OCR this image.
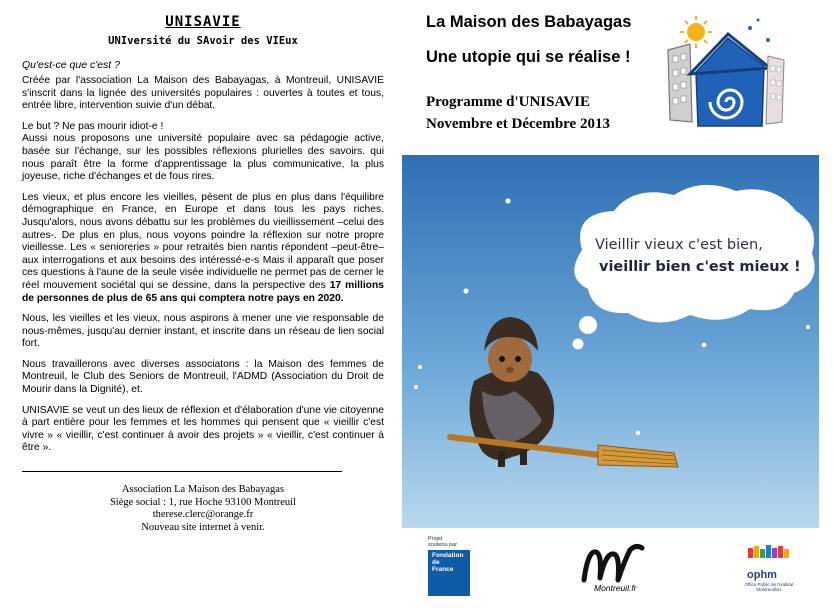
UNISAVIE
UNIversité du SAvoir des VIEux
Qu'est-ce que c'est ?

Créée par l'association La Maison des Babayagas, à Montreuil, UNISAVIE s'inscrit dans la lignée des universités populaires : ouvertes à toutes et tous, entrée libre, intervention suivie d'un débat.

Le but ? Ne pas mourir idiot-e !

Aussi nous proposons une université populaire avec sa pédagogie active, basée sur l'échange, sur les possibles réflexions plurielles des savoirs. qui nous paraît être la forme d'apprentissage la plus communicative, la plus joyeuse, riche d'échanges et de fous rires.

Les vieux, et plus encore les vieilles, pèsent de plus en plus dans l'équilibre démographique en France, en Europe et dans tous les pays riches. Jusqu'alors, nous avons débattu sur les problèmes du vieillissement –celui des autres-. De plus en plus, nous voyons poindre la réflexion sur notre propre vieillesse. Les « senioreries » pour retraités bien nantis répondent –peut-être– aux interrogations et aux besoins des intéressé-e-s Mais il apparaît que poser ces questions à l'aune de la seule visée individuelle ne permet pas de cerner le réel mouvement sociétal qui se dessine, dans la perspective des 17 millions de personnes de plus de 65 ans qui comptera notre pays en 2020.

Nous, les vieilles et les vieux, nous aspirons à mener une vie responsable de nous-mêmes, jusqu'au dernier instant, et inscrite dans un réseau de lien social fort.

Nous travaillerons avec diverses associatons : la Maison des femmes de Montreuil, le Club des Seniors de Montreuil, l'ADMD (Association du Droit de Mourir dans la Dignité), et.

UNISAVIE se veut un des lieux de réflexion et d'élaboration d'une vie citoyenne à part entière pour les femmes et les hommes qui pensent que « vieillir c'est vivre » « vieillir, c'est continuer à avoir des projets » « vieillir, c'est continuer à être ».

Association La Maison des Babayagas
Siège social : 1, rue Hoche 93100 Montreuil
therese.clerc@orange.fr
Nouveau site internet à venir.
La Maison des Babayagas
Une utopie qui se réalise !
Programme d'UNISAVIE
Novembre et Décembre 2013
Vieillir vieux c'est bien,
vieillir bien c'est mieux !
Projet
soutenu par
Fondation
de
France
Montreuil.fr
ophm
Office Public de l'Habitat Montreuillois
